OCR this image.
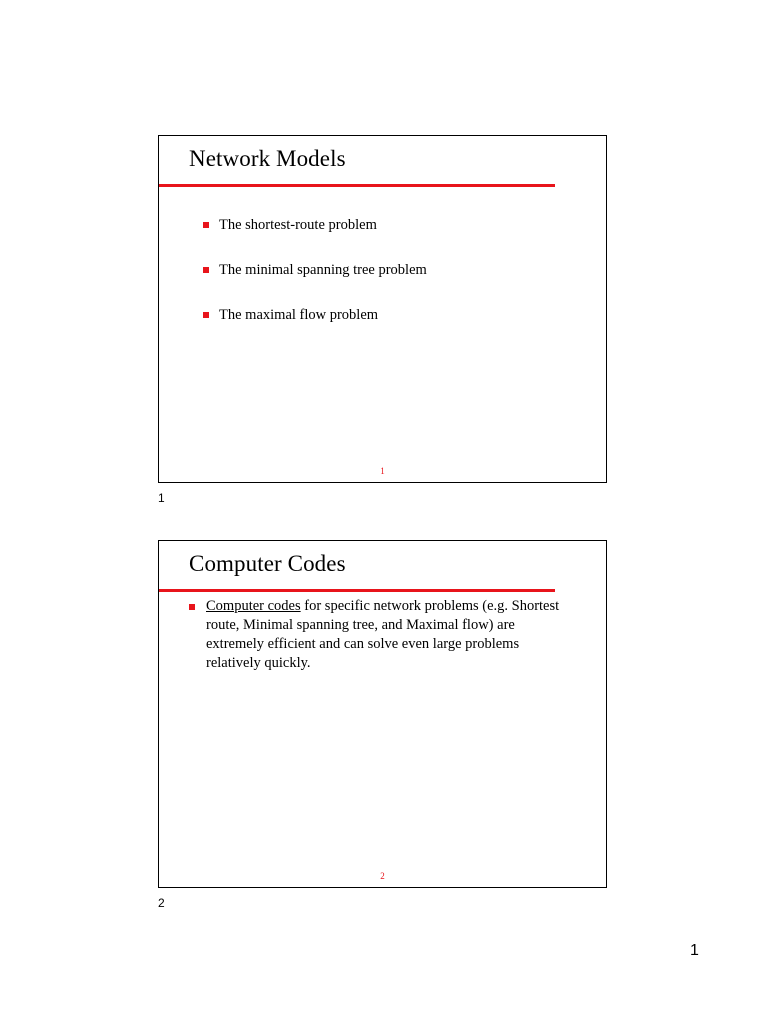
Network Models
The shortest-route problem
The minimal spanning tree problem
The maximal flow problem
1
1
Computer Codes
Computer codes for specific network problems (e.g. Shortest route, Minimal spanning tree, and Maximal flow) are extremely efficient and can solve even large problems relatively quickly.
2
2
1
